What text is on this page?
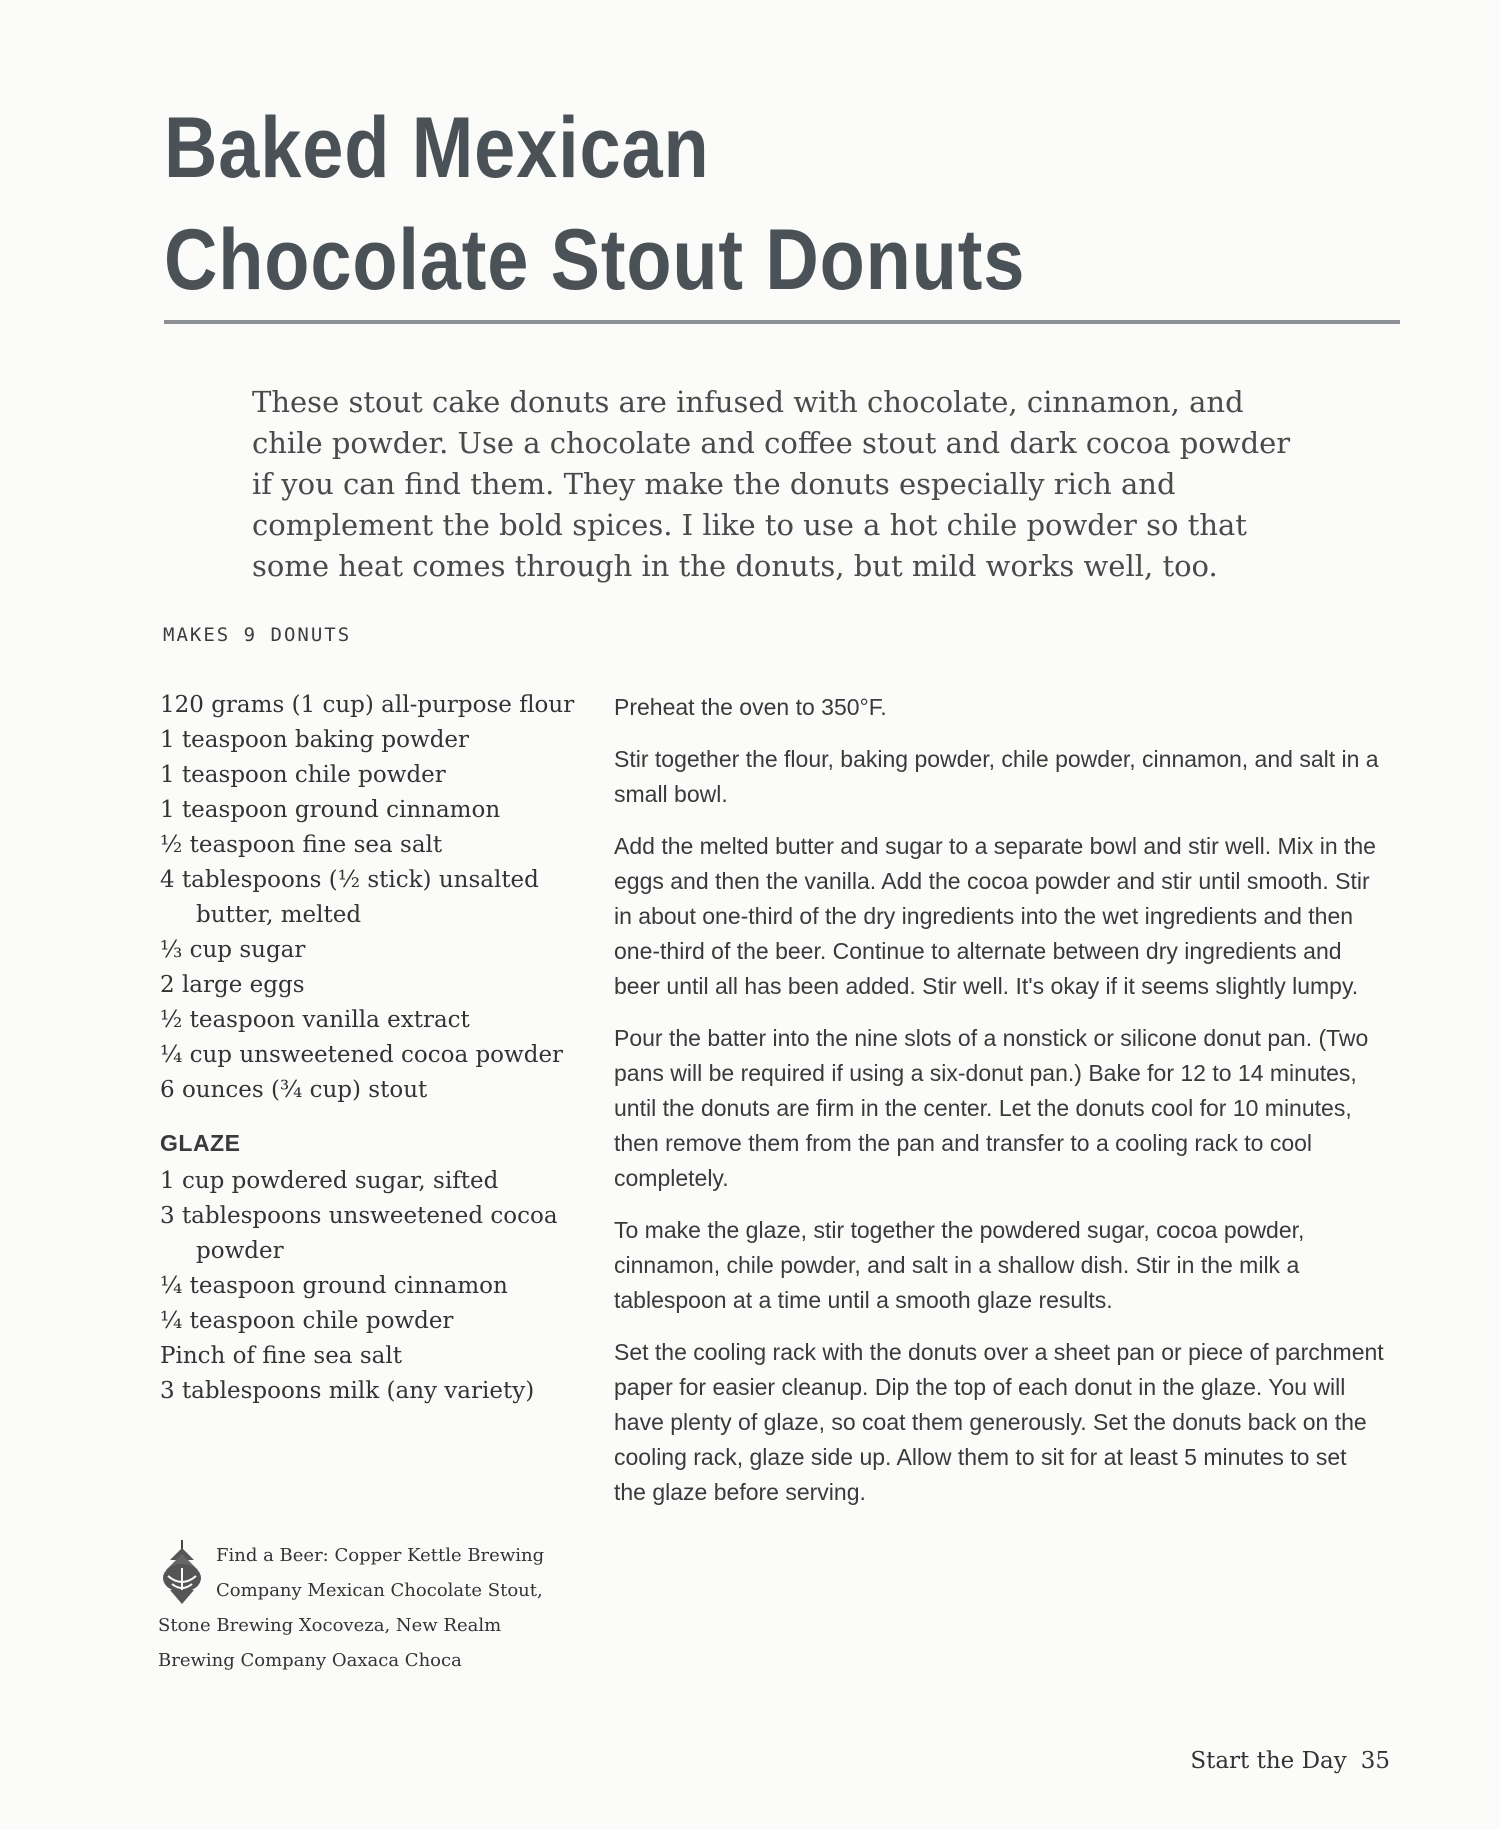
Baked Mexican
Chocolate Stout Donuts

These stout cake donuts are infused with chocolate, cinnamon, and chile powder. Use a chocolate and coffee stout and dark cocoa powder if you can find them. They make the donuts especially rich and complement the bold spices. I like to use a hot chile powder so that some heat comes through in the donuts, but mild works well, too.

MAKES 9 DONUTS

120 grams (1 cup) all-purpose flour
1 teaspoon baking powder
1 teaspoon chile powder
1 teaspoon ground cinnamon
½ teaspoon fine sea salt
4 tablespoons (½ stick) unsalted butter, melted
⅓ cup sugar
2 large eggs
½ teaspoon vanilla extract
¼ cup unsweetened cocoa powder
6 ounces (¾ cup) stout
GLAZE
1 cup powdered sugar, sifted
3 tablespoons unsweetened cocoa powder
¼ teaspoon ground cinnamon
¼ teaspoon chile powder
Pinch of fine sea salt
3 tablespoons milk (any variety)
Find a Beer: Copper Kettle Brewing Company Mexican Chocolate Stout, Stone Brewing Xocoveza, New Realm Brewing Company Oaxaca Choca

Preheat the oven to 350°F.

Stir together the flour, baking powder, chile powder, cinnamon, and salt in a small bowl.

Add the melted butter and sugar to a separate bowl and stir well. Mix in the eggs and then the vanilla. Add the cocoa powder and stir until smooth. Stir in about one-third of the dry ingredients into the wet ingredients and then one-third of the beer. Continue to alternate between dry ingredients and beer until all has been added. Stir well. It's okay if it seems slightly lumpy.

Pour the batter into the nine slots of a nonstick or silicone donut pan. (Two pans will be required if using a six-donut pan.) Bake for 12 to 14 minutes, until the donuts are firm in the center. Let the donuts cool for 10 minutes, then remove them from the pan and transfer to a cooling rack to cool completely.

To make the glaze, stir together the powdered sugar, cocoa powder, cinnamon, chile powder, and salt in a shallow dish. Stir in the milk a tablespoon at a time until a smooth glaze results.

Set the cooling rack with the donuts over a sheet pan or piece of parchment paper for easier cleanup. Dip the top of each donut in the glaze. You will have plenty of glaze, so coat them generously. Set the donuts back on the cooling rack, glaze side up. Allow them to sit for at least 5 minutes to set the glaze before serving.

Start the Day 35
